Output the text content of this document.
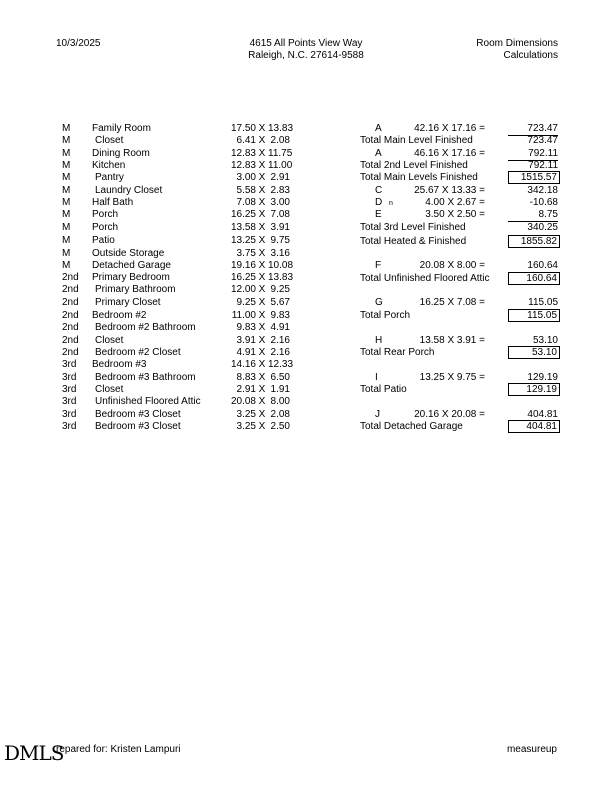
10/3/2025	4615 All Points View Way
Raleigh, N.C. 27614-9588
Room Dimensions
Calculations
M Family Room	17.50 X 13.83
M Closet	6.41 X 2.08
M Dining Room	12.83 X 11.75
M Kitchen	12.83 X 11.00
M Pantry	3.00 X 2.91
M Laundry Closet	5.58 X 2.83
M Half Bath	7.08 X 3.00
M Porch	16.25 X 7.08
M Porch	13.58 X 3.91
M Patio	13.25 X 9.75
M Outside Storage	3.75 X 3.16
M Detached Garage	19.16 X 10.08
2nd Primary Bedroom	16.25 X 13.83
2nd Primary Bathroom	12.00 X 9.25
2nd Primary Closet	9.25 X 5.67
2nd Bedroom #2	11.00 X 9.83
2nd Bedroom #2 Bathroom	9.83 X 4.91
2nd Closet	3.91 X 2.16
2nd Bedroom #2 Closet	4.91 X 2.16
3rd Bedroom #3	14.16 X 12.33
3rd Bedroom #3 Bathroom	8.83 X 6.50
3rd Closet	2.91 X 1.91
3rd Unfinished Floored Attic	20.08 X 8.00
3rd Bedroom #3 Closet	3.25 X 2.08
3rd Bedroom #3 Closet	3.25 X 2.50
A	42.16 X 17.16 =	723.47
Total Main Level Finished	723.47
A	46.16 X 17.16 =	792.11
Total 2nd Level Finished	792.11
Total Main Levels Finished	1515.57
C	25.67 X 13.33 =	342.18
D n	4.00 X 2.67 =	-10.68
E	3.50 X 2.50 =	8.75
Total 3rd Level Finished	340.25
Total Heated & Finished	1855.82
F	20.08 X 8.00 =	160.64
Total Unfinished Floored Attic	160.64
G	16.25 X 7.08 =	115.05
Total Porch	115.05
H	13.58 X 3.91 =	53.10
Total Rear Porch	53.10
I	13.25 X 9.75 =	129.19
Total Patio	129.19
J	20.16 X 20.08 =	404.81
Total Detached Garage	404.81
DMLS
repared for: Kristen Lampuri	measureup
